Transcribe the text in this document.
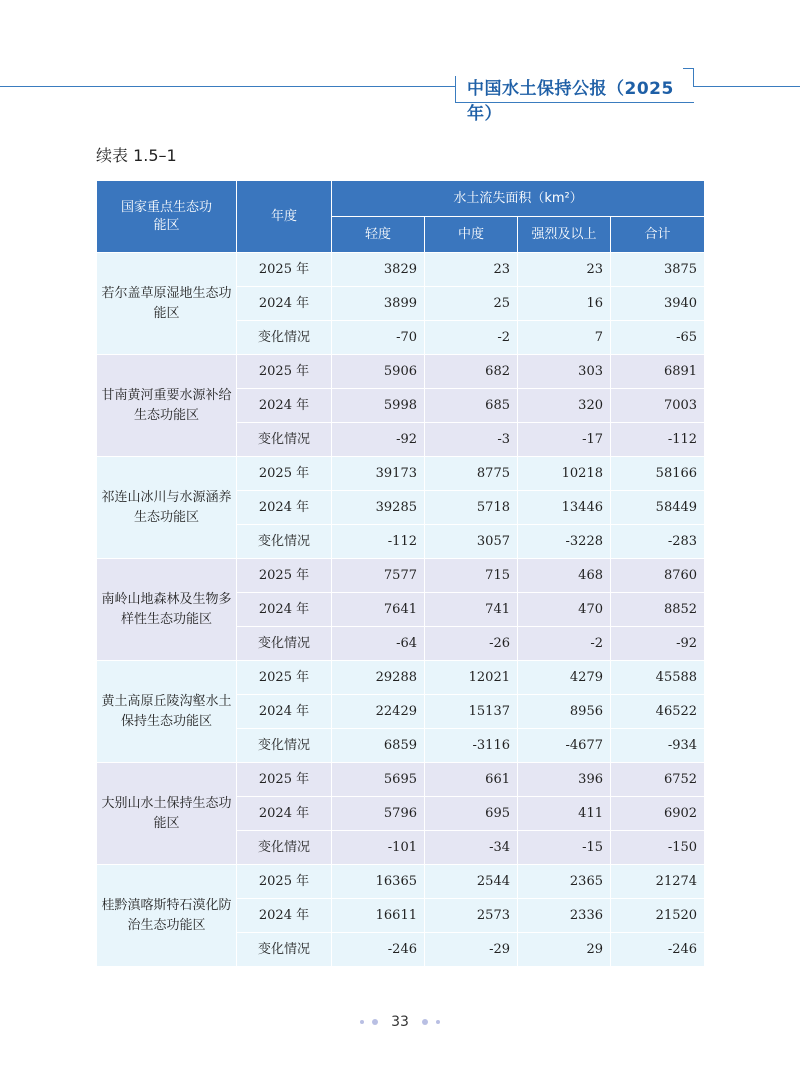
中国水土保持公报（2025 年）
续表 1.5–1
国家重点生态功能区	年度	水土流失面积（km²）			
		轻度	中度	强烈及以上	合计
若尔盖草原湿地生态功能区	2025 年	3829	23	23	3875
	2024 年	3899	25	16	3940
	变化情况	-70	-2	7	-65
甘南黄河重要水源补给生态功能区	2025 年	5906	682	303	6891
	2024 年	5998	685	320	7003
	变化情况	-92	-3	-17	-112
祁连山冰川与水源涵养生态功能区	2025 年	39173	8775	10218	58166
	2024 年	39285	5718	13446	58449
	变化情况	-112	3057	-3228	-283
南岭山地森林及生物多样性生态功能区	2025 年	7577	715	468	8760
	2024 年	7641	741	470	8852
	变化情况	-64	-26	-2	-92
黄土高原丘陵沟壑水土保持生态功能区	2025 年	29288	12021	4279	45588
	2024 年	22429	15137	8956	46522
	变化情况	6859	-3116	-4677	-934
大别山水土保持生态功能区	2025 年	5695	661	396	6752
	2024 年	5796	695	411	6902
	变化情况	-101	-34	-15	-150
桂黔滇喀斯特石漠化防治生态功能区	2025 年	16365	2544	2365	21274
	2024 年	16611	2573	2336	21520
	变化情况	-246	-29	29	-246
33
